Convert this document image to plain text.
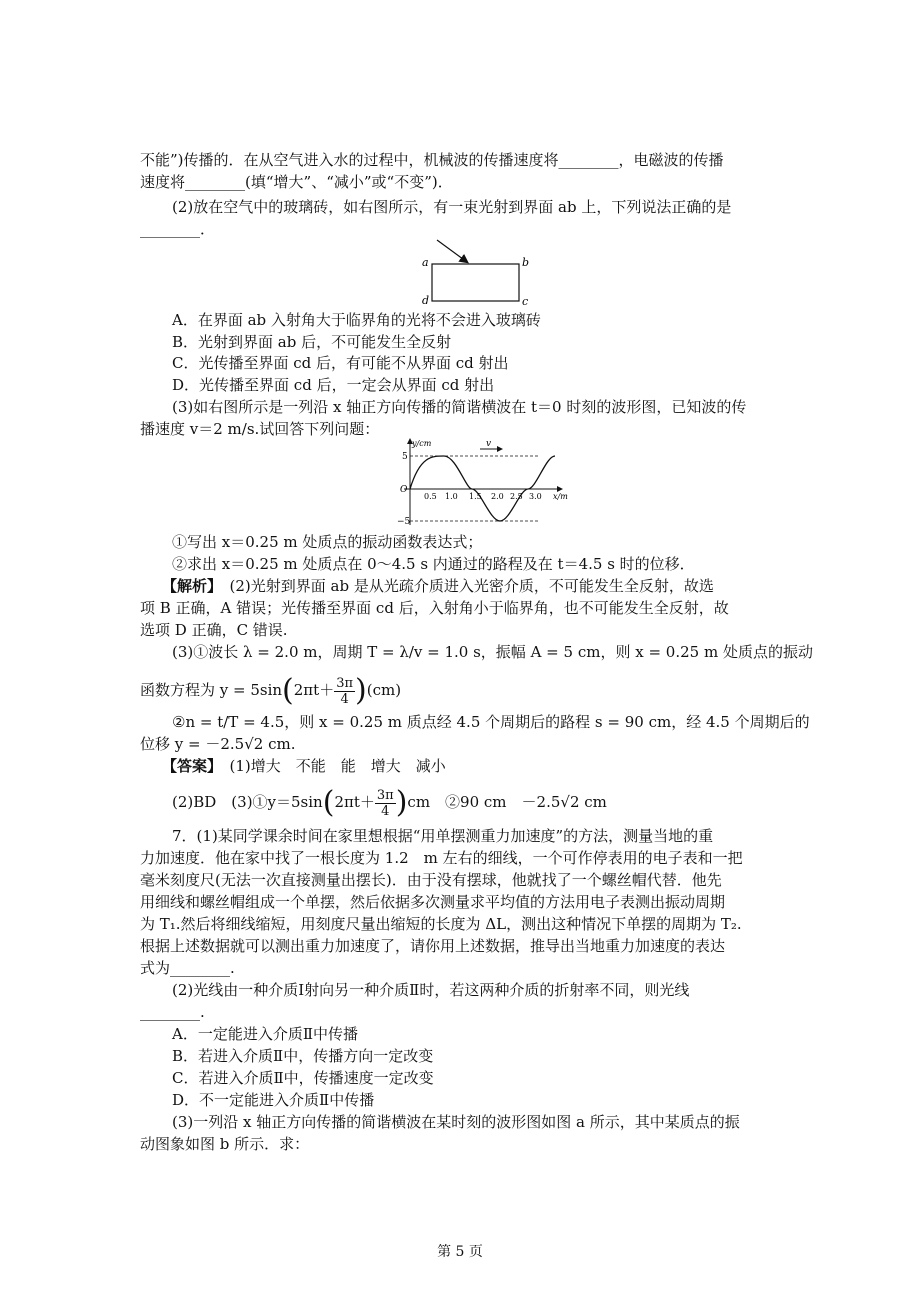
不能”)传播的．在从空气进入水的过程中，机械波的传播速度将________，电磁波的传播
速度将________(填“增大”、“减小”或“不变”)．
(2)放在空气中的玻璃砖，如右图所示，有一束光射到界面 ab 上，下列说法正确的是
________．
a	b
d	c
A．在界面 ab 入射角大于临界角的光将不会进入玻璃砖
B．光射到界面 ab 后，不可能发生全反射
C．光传播至界面 cd 后，有可能不从界面 cd 射出
D．光传播至界面 cd 后，一定会从界面 cd 射出
(3)如右图所示是一列沿 x 轴正方向传播的简谐横波在 t＝0 时刻的波形图，已知波的传
播速度 v＝2 m/s.试回答下列问题：
v
y/cm
x/m
5
−5
O
0.5 1.0 1.5 2.0 2.5 3.0
①写出 x＝0.25 m 处质点的振动函数表达式；
②求出 x＝0.25 m 处质点在 0～4.5 s 内通过的路程及在 t＝4.5 s 时的位移．
【解析】　(2)光射到界面 ab 是从光疏介质进入光密介质，不可能发生全反射，故选
项 B 正确，A 错误；光传播至界面 cd 后，入射角小于临界角，也不可能发生全反射，故
选项 D 正确，C 错误.
(3)①波长 λ = 2.0 m，周期 T = λ/v = 1.0 s，振幅 A = 5 cm，则 x = 0.25 m 处质点的振动
函数方程为 $y = 5\sin(2\pi t+ \frac{3\pi}{4} )(cm)$
②n = t/T = 4.5，则 x = 0.25 m 质点经 4.5 个周期后的路程 s = 90 cm，经 4.5 个周期后的
位移 y = －2.5√2 cm.
【答案】　(1)增大　不能　能　增大　减小
(2)BD　(3)①y＝5sin(2πt＋ $\frac{3\pi}{4} )cm$　②90 cm　－2.5√2 cm
7．(1)某同学课余时间在家里想根据“用单摆测重力加速度”的方法，测量当地的重
力加速度．他在家中找了一根长度为 1.2　m 左右的细线，一个可作停表用的电子表和一把
毫米刻度尺(无法一次直接测量出摆长)．由于没有摆球，他就找了一个螺丝帽代替．他先
用细线和螺丝帽组成一个单摆，然后依据多次测量求平均值的方法用电子表测出振动周期
为 T₁.然后将细线缩短，用刻度尺量出缩短的长度为 ΔL，测出这种情况下单摆的周期为 T₂.
根据上述数据就可以测出重力加速度了，请你用上述数据，推导出当地重力加速度的表达
式为________.
(2)光线由一种介质Ⅰ射向另一种介质Ⅱ时，若这两种介质的折射率不同，则光线
________.
A．一定能进入介质Ⅱ中传播
B．若进入介质Ⅱ中，传播方向一定改变
C．若进入介质Ⅱ中，传播速度一定改变
D．不一定能进入介质Ⅱ中传播
(3)一列沿 x 轴正方向传播的简谐横波在某时刻的波形图如图 a 所示，其中某质点的振
动图象如图 b 所示．求：
第 5 页
